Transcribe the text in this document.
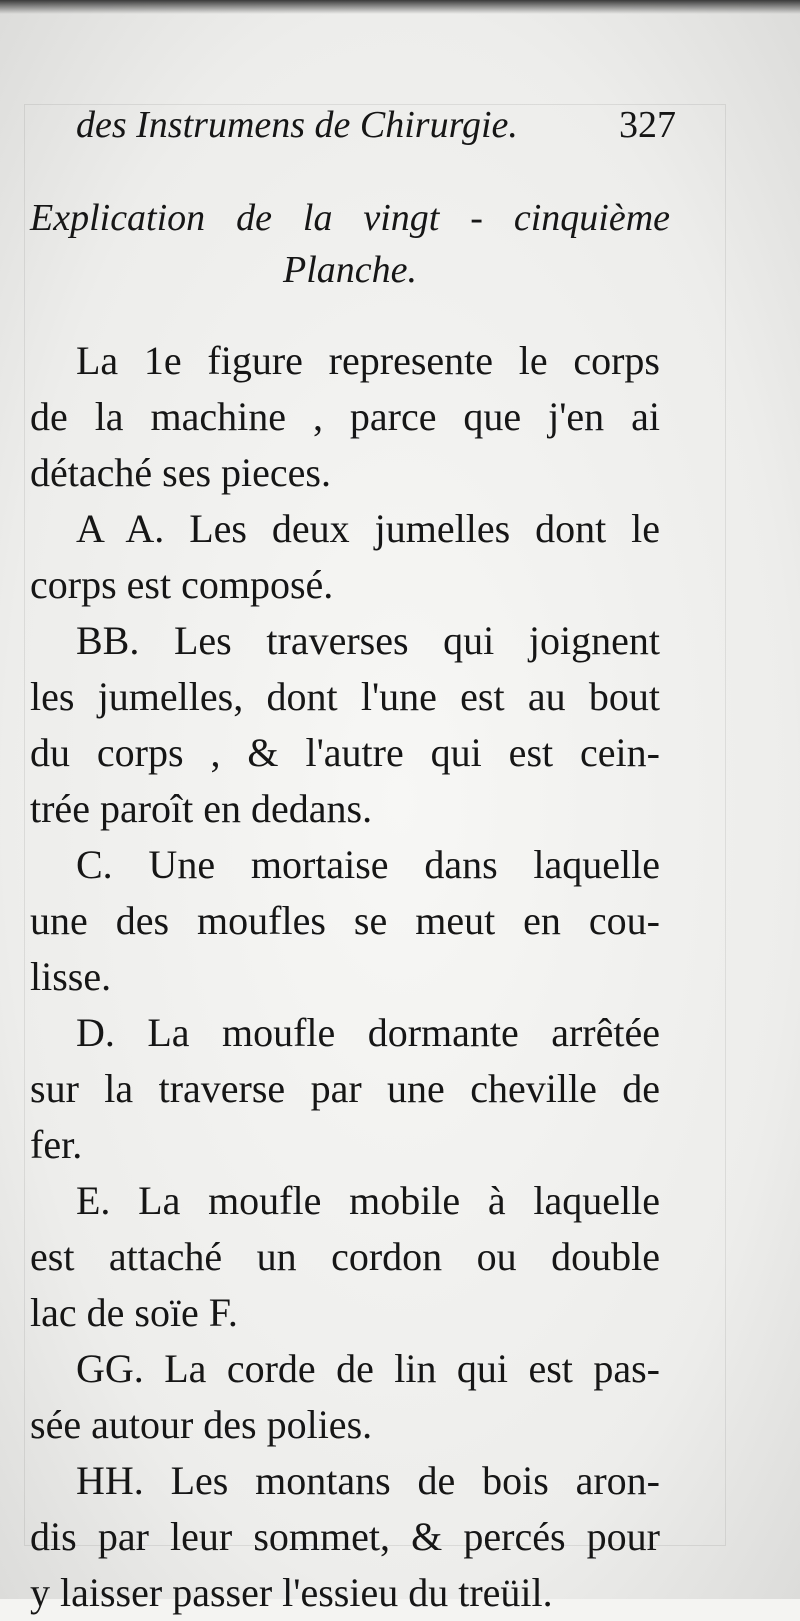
des Instrumens de Chirurgie.	327
Explication de la vingt - cinquième
Planche.
La 1e figure represente le corps
de la machine , parce que j'en ai
détaché ses pieces.
A A. Les deux jumelles dont le
corps est composé.
BB. Les traverses qui joignent
les jumelles, dont l'une est au bout
du corps , & l'autre qui est cein-
trée paroît en dedans.
C. Une mortaise dans laquelle
une des moufles se meut en cou-
lisse.
D. La moufle dormante arrêtée
sur la traverse par une cheville de
fer.
E. La moufle mobile à laquelle
est attaché un cordon ou double
lac de soïe F.
GG. La corde de lin qui est pas-
sée autour des polies.
HH. Les montans de bois aron-
dis par leur sommet, & percés pour
y laisser passer l'essieu du treüil.
